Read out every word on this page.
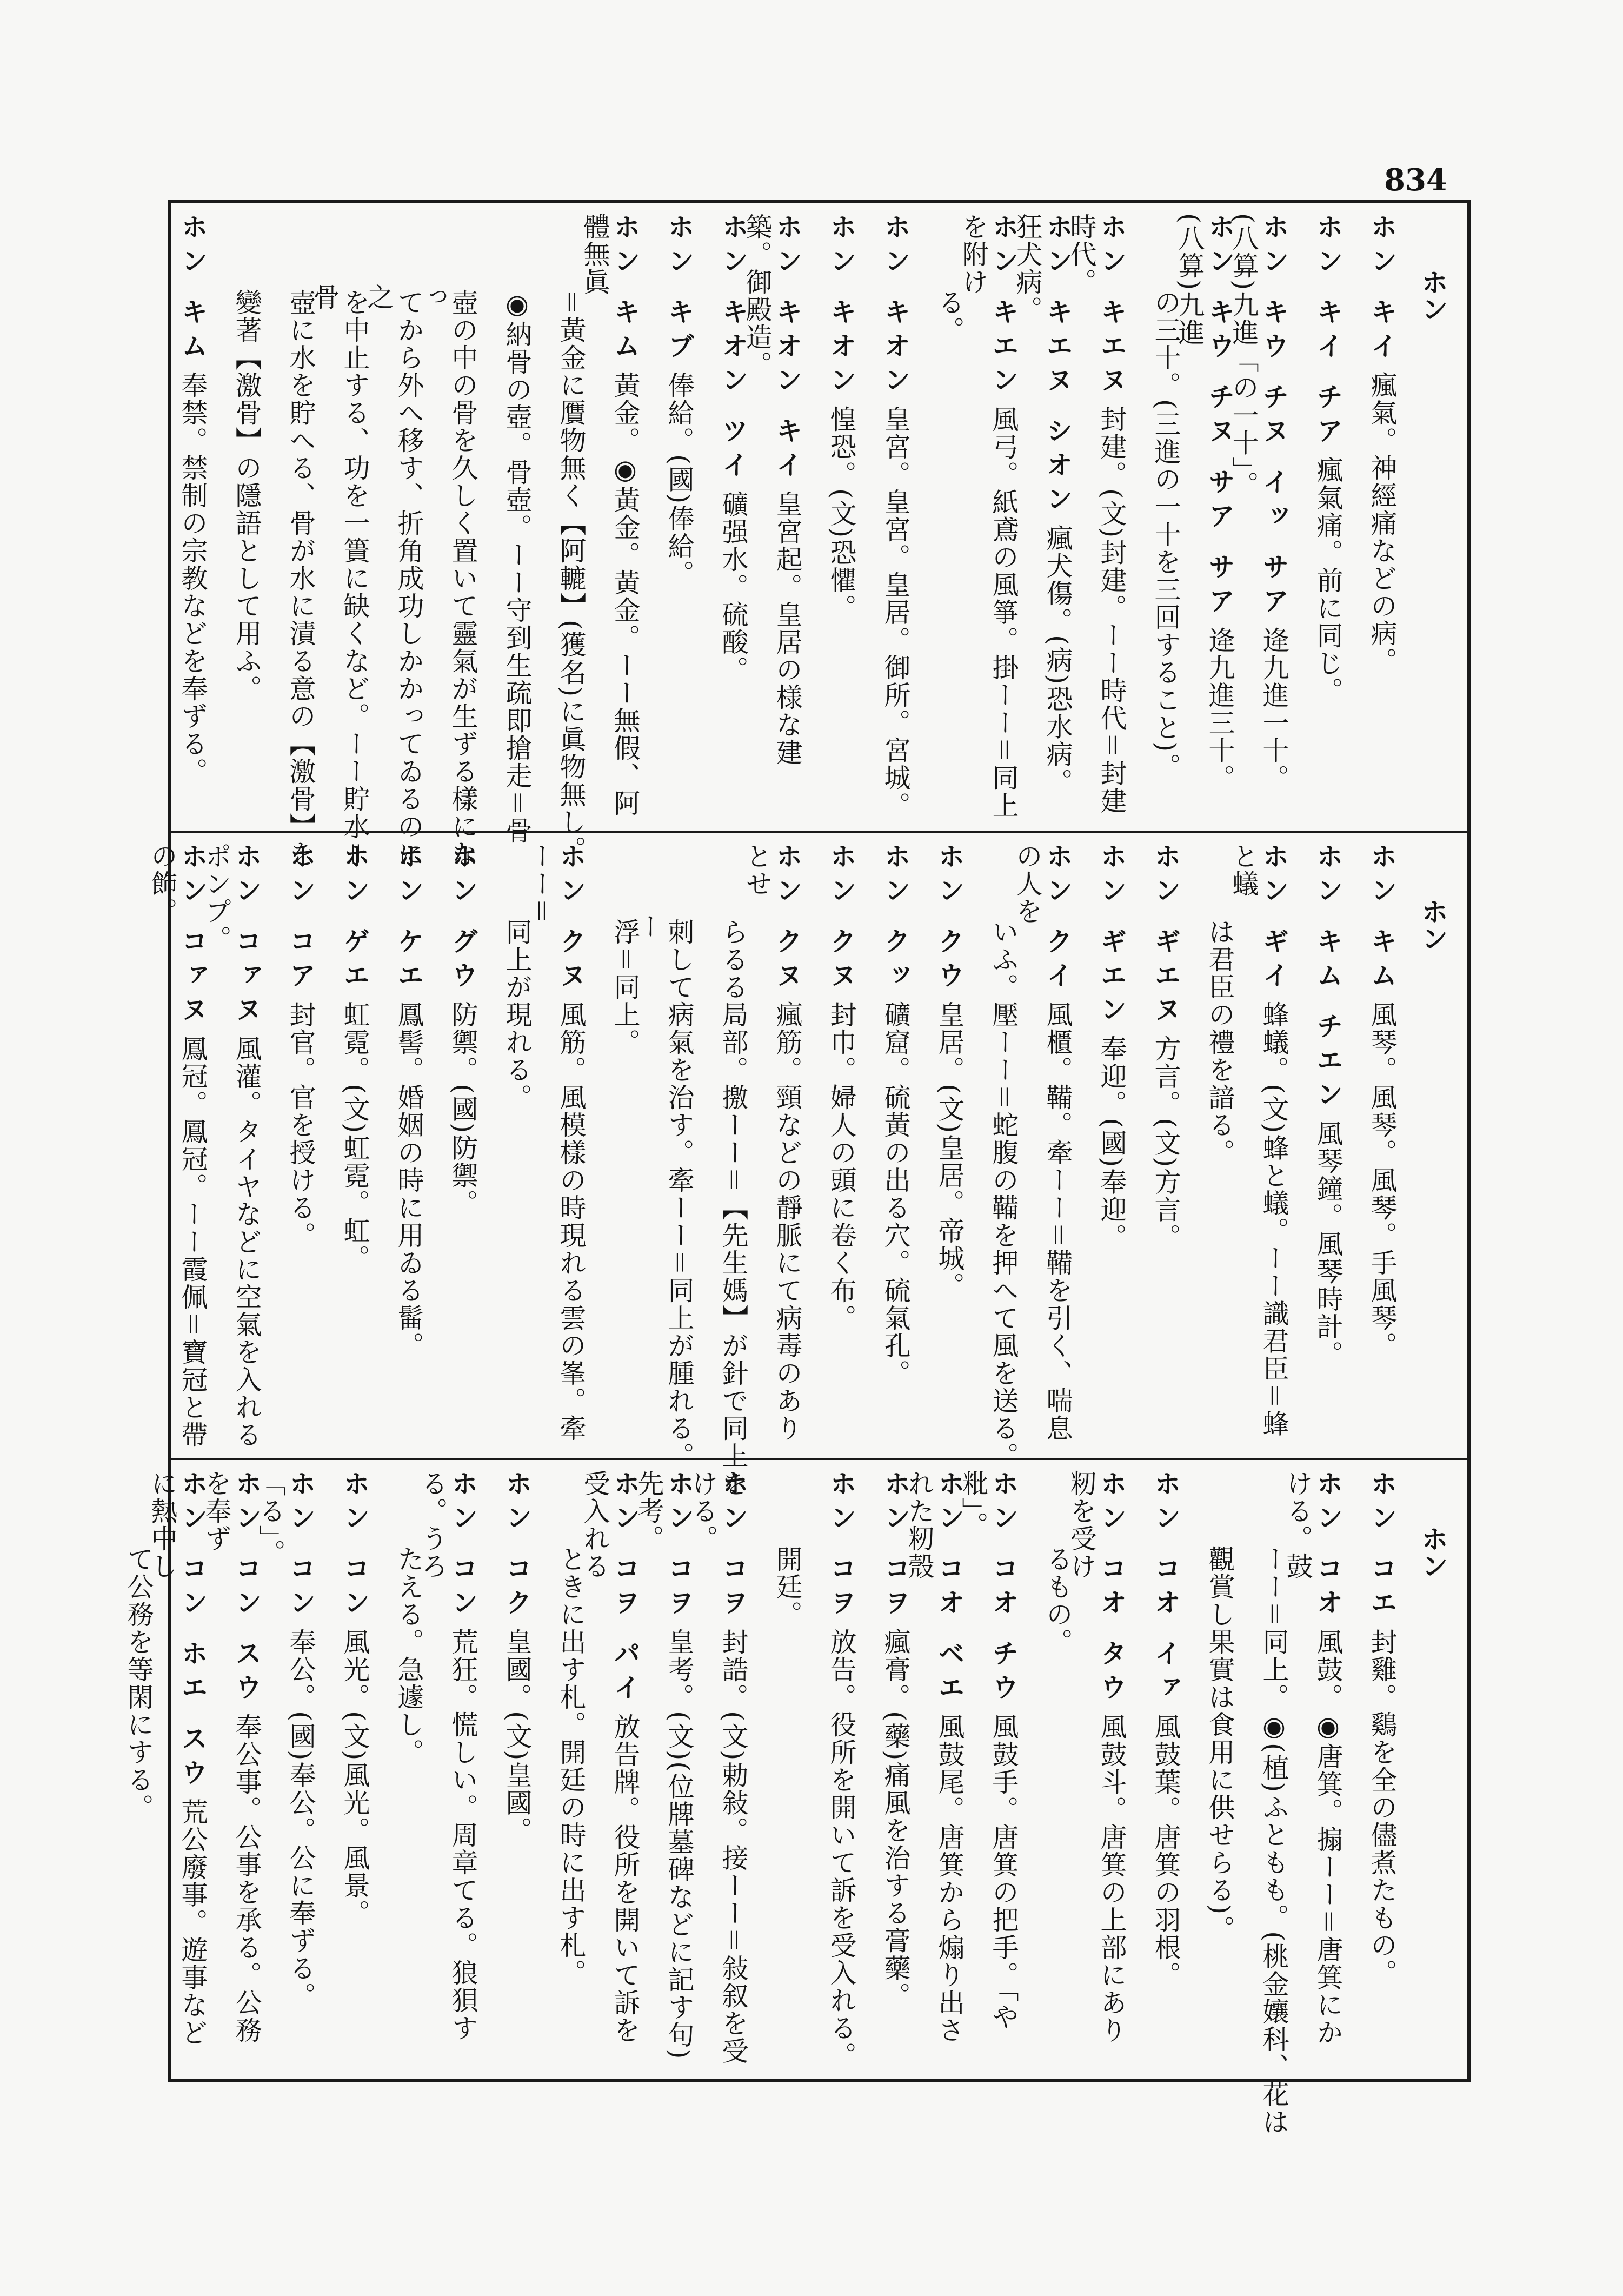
834
ホン
ホン キイ瘋氣。神經痛などの病。
ホン キイ チア瘋氣痛。前に同じ。
ホン キウ チヌ イッ サア逄九進一十。(八算)九進「の一十」。
ホン キウ チヌ サア サア逄九進三十。(八算)九進
の三十。(三進の一十を三回すること)。
ホン キエヌ封建。(文)封建。ーー時代＝封建時代。
ホン キエヌ シオン瘋犬傷。(病)恐水病。狂犬病。
ホン キエン風弓。紙鳶の風箏。掛ーー＝同上を附け
る。
ホン キオン皇宮。皇宮。皇居。御所。宮城。
ホン キオン惶恐。(文)恐懼。
ホン キオン キイ皇宮起。皇居の様な建築。御殿造。
ホン キオン ツイ礦强水。硫酸。
ホン キブ俸給。(國)俸給。
ホン キム黃金。◉黃金。黃金。ーー無假、阿體無眞
＝黃金に贋物無く【阿轆】(獲名)に眞物無し。
◉納骨の壺。骨壺。ーー守到生疏即搶走＝骨
壺の中の骨を久しく置いて靈氣が生ずる樣になっ
てから外へ移す、折角成功しかかってゐるのに之
を中止する、功を一簣に缺くなど。ーー貯水＝骨
壺に水を貯へる、骨が水に漬る意の【激骨】を
變著【激骨】の隱語として用ふ。
ホン キム奉禁。禁制の宗教などを奉ずる。
ホン
ホン キム風琴。風琴。風琴。手風琴。
ホン キム チエン風琴鐘。風琴時計。
ホン ギイ蜂蟻。(文)蜂と蟻。ーー識君臣＝蜂と蟻
は君臣の禮を諳る。
ホン ギエヌ方言。(文)方言。
ホン ギエン奉迎。(國)奉迎。
ホン クイ風櫃。鞴。牽ーー＝鞴を引く、喘息の人を
いふ。壓ーー＝蛇腹の鞴を押へて風を送る。
ホン クウ皇居。(文)皇居。帝城。
ホン クッ礦窟。硫黃の出る穴。硫氣孔。
ホン クヌ封巾。婦人の頭に卷く布。
ホン クヌ瘋筋。頸などの靜脈にて病毒のありとせ
らるる局部。撽ーー＝【先生媽】が針で同上を
刺して病氣を治す。牽ーー＝同上が腫れる。ーー
浮＝同上。
ホン クヌ風筋。風模樣の時現れる雲の峯。牽ーー＝
同上が現れる。
ホン グウ防禦。(國)防禦。
ホン ケエ鳳髻。婚姻の時に用ゐる髷。
ホン ゲエ虹霓。(文)虹霓。虹。
ホン コア封官。官を授ける。
ホン コァヌ風灌。タイヤなどに空氣を入れるポンプ。
ホン コァヌ鳳冠。鳳冠。ーー霞佩＝寶冠と帶の飾。
ホン
ホン コエ封雞。鷄を全の儘煮たもの。
ホン コオ風鼓。◉唐箕。搧ーー＝唐箕にかける。鼓
ーー＝同上。◉(植)ふともも。(桃金孃科、花は
觀賞し果實は食用に供せらる)。
ホン コオ イァ風鼓葉。唐箕の羽根。
ホン コオ タウ風鼓斗。唐箕の上部にあり籾を受け
るもの。
ホン コオ チウ風鼓手。唐箕の把手。「や粃」。
ホン コオ ベエ風鼓尾。唐箕から煽り出された籾殼
ホン コヲ瘋膏。(藥)痛風を治する膏藥。
ホン コヲ放告。役所を開いて訴を受入れる。
開廷。
ホン コヲ封誥。(文)勅敍。接ーー＝敍叙を受ける。
ホン コヲ皇考。(文)(位牌墓碑などに記す句)先考。
ホン コヲ パイ放告牌。役所を開いて訴を受入れる
ときに出す札。開廷の時に出す札。
ホン コク皇國。(文)皇國。
ホン コン荒狂。慌しい。周章てる。狼狽する。うろ
たえる。急遽し。
ホン コン風光。(文)風光。風景。
ホン コン奉公。(國)奉公。公に奉ずる。「る」。
ホン コン スウ奉公事。公事を承る。公務を奉ず
ホン コン ホエ スウ荒公廢事。遊事などに熱中し
て公務を等閑にする。
